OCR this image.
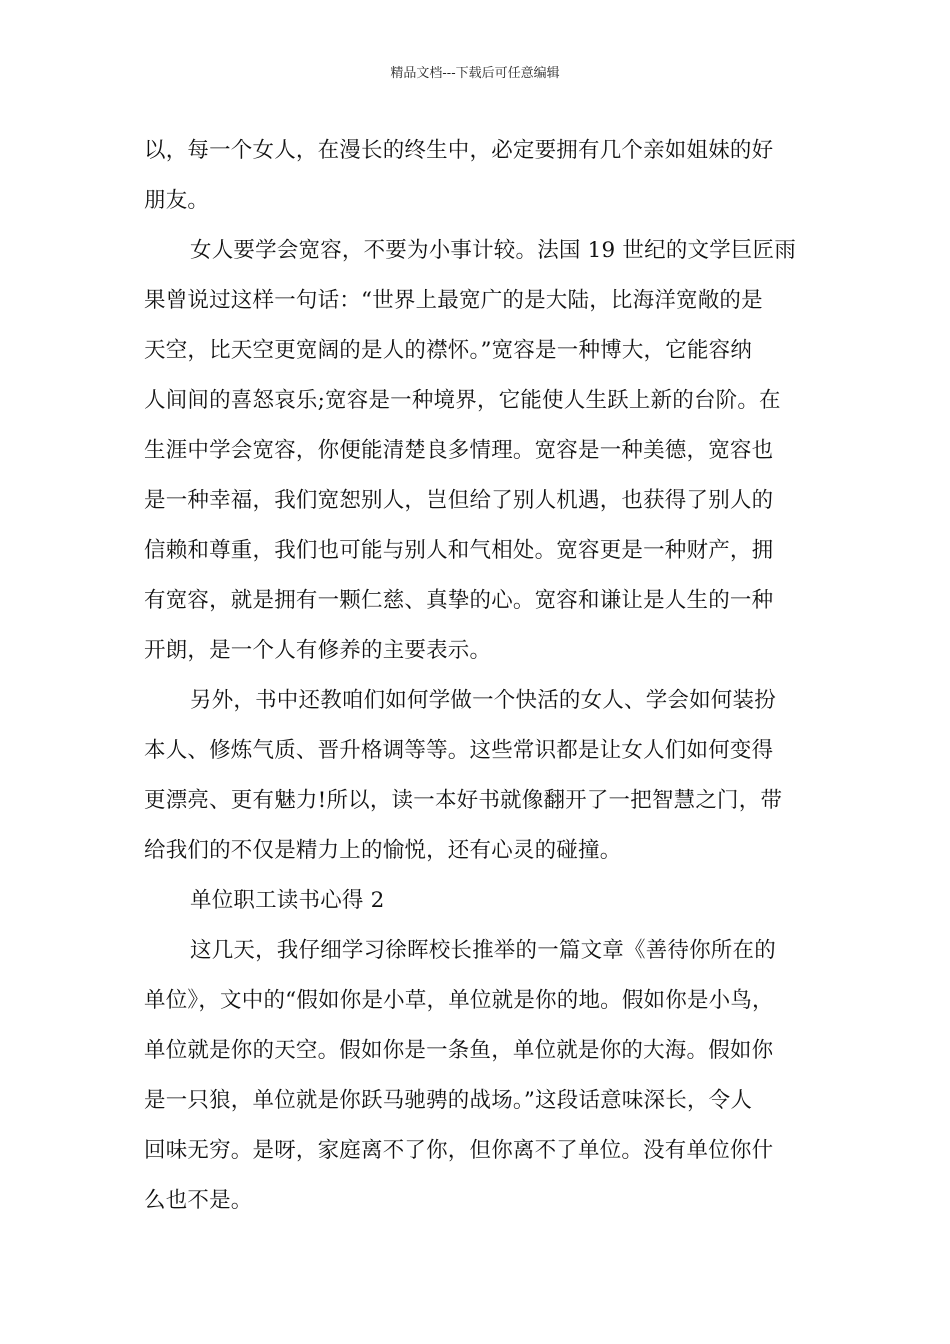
精品文档---下载后可任意编辑
以，每一个女人，在漫长的终生中，必定要拥有几个亲如姐妹的好
朋友。
女人要学会宽容，不要为小事计较。法国 19 世纪的文学巨匠雨
果曾说过这样一句话：“世界上最宽广的是大陆，比海洋宽敞的是
天空，比天空更宽阔的是人的襟怀。”宽容是一种博大，它能容纳
人间间的喜怒哀乐;宽容是一种境界，它能使人生跃上新的台阶。在
生涯中学会宽容，你便能清楚良多情理。宽容是一种美德，宽容也
是一种幸福，我们宽恕别人，岂但给了别人机遇，也获得了别人的
信赖和尊重，我们也可能与别人和气相处。宽容更是一种财产，拥
有宽容，就是拥有一颗仁慈、真挚的心。宽容和谦让是人生的一种
开朗，是一个人有修养的主要表示。
另外，书中还教咱们如何学做一个快活的女人、学会如何装扮
本人、修炼气质、晋升格调等等。这些常识都是让女人们如何变得
更漂亮、更有魅力!所以，读一本好书就像翻开了一把智慧之门，带
给我们的不仅是精力上的愉悦，还有心灵的碰撞。
单位职工读书心得 2
这几天，我仔细学习徐晖校长推举的一篇文章《善待你所在的
单位》，文中的“假如你是小草，单位就是你的地。假如你是小鸟，
单位就是你的天空。假如你是一条鱼，单位就是你的大海。假如你
是一只狼，单位就是你跃马驰骋的战场。”这段话意味深长，令人
回味无穷。是呀，家庭离不了你，但你离不了单位。没有单位你什
么也不是。
